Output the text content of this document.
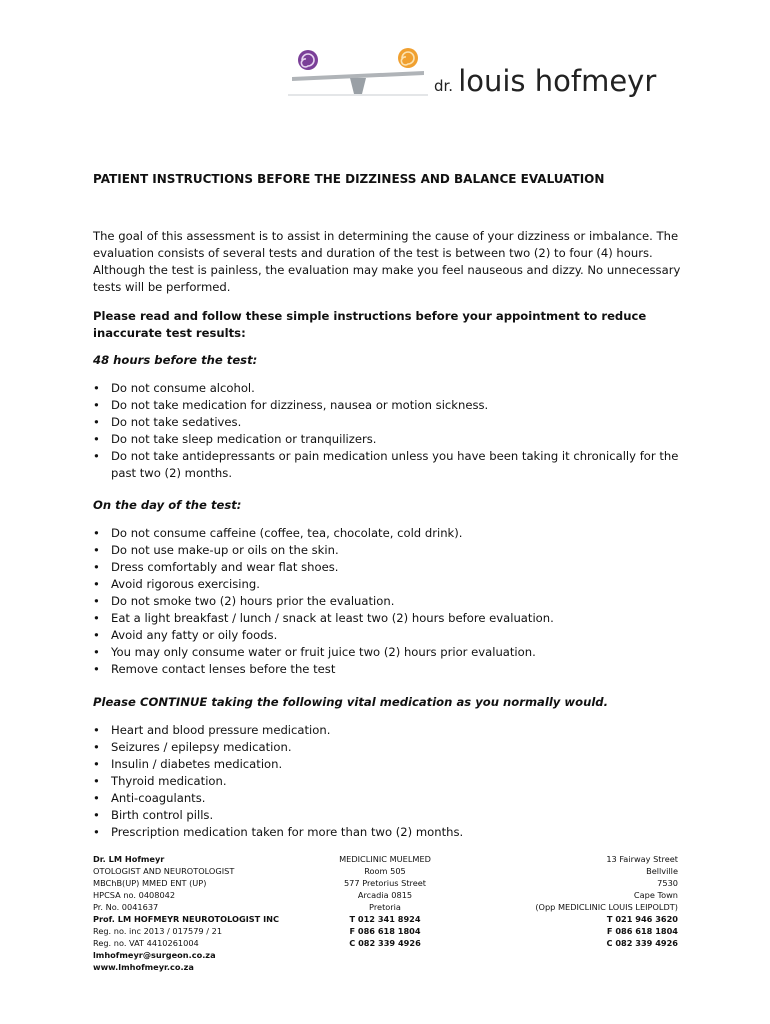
dr. louis hofmeyr
PATIENT INSTRUCTIONS BEFORE THE DIZZINESS AND BALANCE EVALUATION
The goal of this assessment is to assist in determining the cause of your dizziness or imbalance. The evaluation consists of several tests and duration of the test is between two (2) to four (4) hours. Although the test is painless, the evaluation may make you feel nauseous and dizzy. No unnecessary tests will be performed.
Please read and follow these simple instructions before your appointment to reduce inaccurate test results:
48 hours before the test:
• Do not consume alcohol.
• Do not take medication for dizziness, nausea or motion sickness.
• Do not take sedatives.
• Do not take sleep medication or tranquilizers.
• Do not take antidepressants or pain medication unless you have been taking it chronically for the past two (2) months.
On the day of the test:
• Do not consume caffeine (coffee, tea, chocolate, cold drink).
• Do not use make-up or oils on the skin.
• Dress comfortably and wear flat shoes.
• Avoid rigorous exercising.
• Do not smoke two (2) hours prior the evaluation.
• Eat a light breakfast / lunch / snack at least two (2) hours before evaluation.
• Avoid any fatty or oily foods.
• You may only consume water or fruit juice two (2) hours prior evaluation.
• Remove contact lenses before the test
Please CONTINUE taking the following vital medication as you normally would.
• Heart and blood pressure medication.
• Seizures / epilepsy medication.
• Insulin / diabetes medication.
• Thyroid medication.
• Anti-coagulants.
• Birth control pills.
• Prescription medication taken for more than two (2) months.
Dr. LM Hofmeyr
OTOLOGIST AND NEUROTOLOGIST
MBChB(UP) MMED ENT (UP)
HPCSA no. 0408042
Pr. No. 0041637
Prof. LM HOFMEYR NEUROTOLOGIST INC
Reg. no. inc 2013 / 017579 / 21
Reg. no. VAT 4410261004
lmhofmeyr@surgeon.co.za
www.lmhofmeyr.co.za
MEDICLINIC MUELMED
Room 505
577 Pretorius Street
Arcadia 0815
Pretoria
T 012 341 8924
F 086 618 1804
C 082 339 4926
13 Fairway Street
Bellville
7530
Cape Town
(Opp MEDICLINIC LOUIS LEIPOLDT)
T 021 946 3620
F 086 618 1804
C 082 339 4926
